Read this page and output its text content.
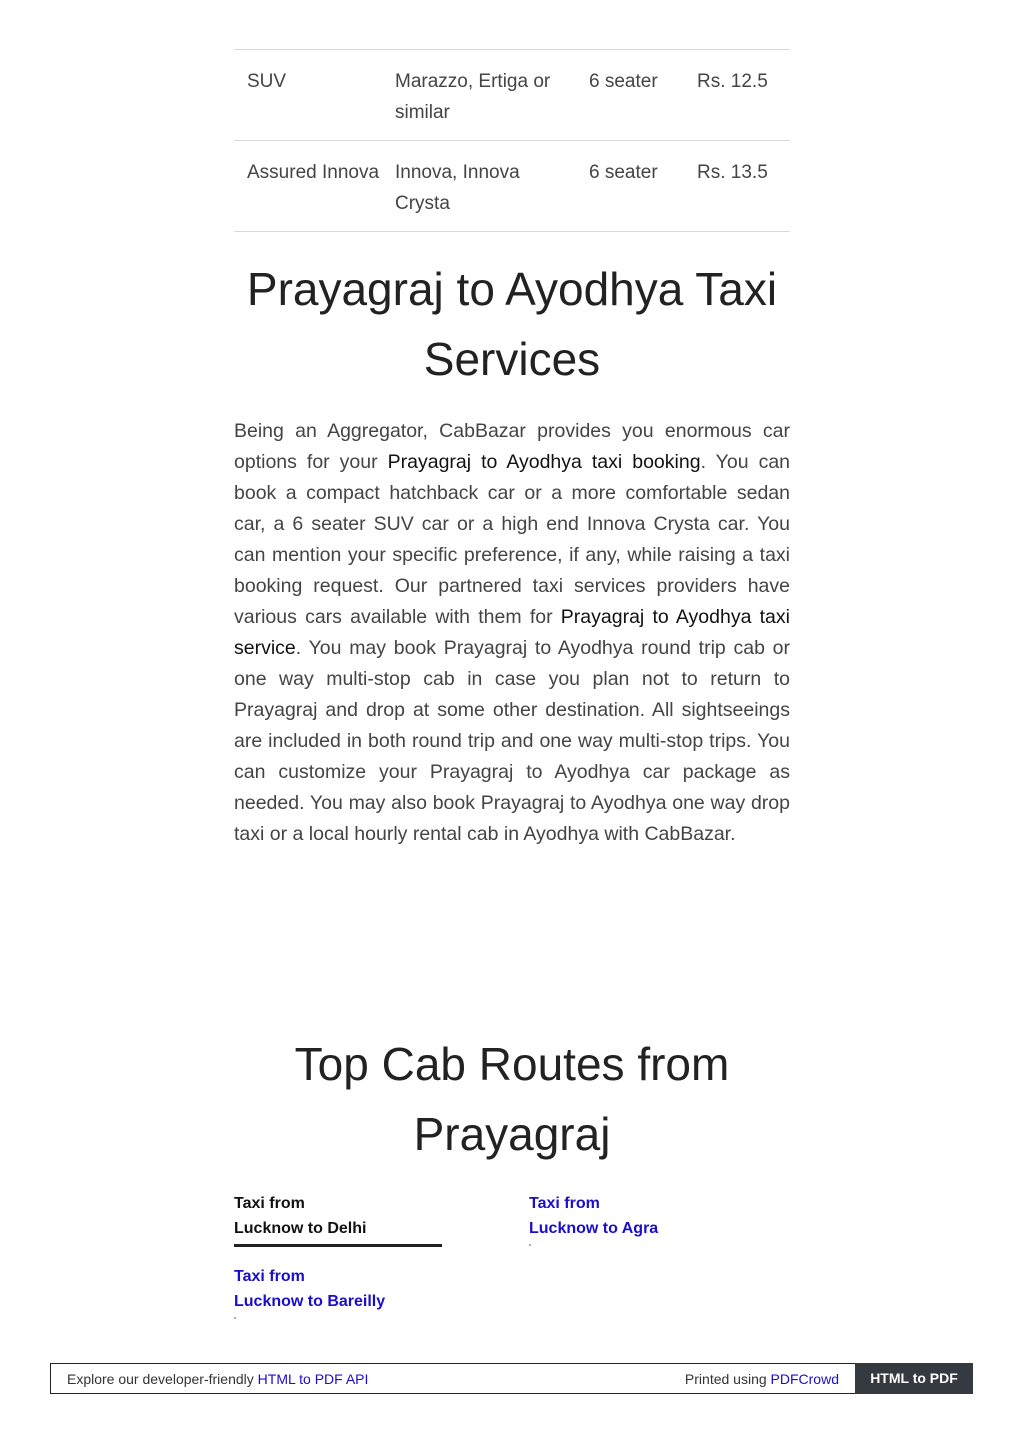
SUV	Marazzo, Ertiga or similar	6 seater	Rs. 12.5
Assured Innova	Innova, Innova Crysta	6 seater	Rs. 13.5
Prayagraj to Ayodhya Taxi Services

Being an Aggregator, CabBazar provides you enormous car options for your Prayagraj to Ayodhya taxi booking. You can book a compact hatchback car or a more comfortable sedan car, a 6 seater SUV car or a high end Innova Crysta car. You can mention your specific preference, if any, while raising a taxi booking request. Our partnered taxi services providers have various cars available with them for Prayagraj to Ayodhya taxi service. You may book Prayagraj to Ayodhya round trip cab or one way multi-stop cab in case you plan not to return to Prayagraj and drop at some other destination. All sightseeings are included in both round trip and one way multi-stop trips. You can customize your Prayagraj to Ayodhya car package as needed. You may also book Prayagraj to Ayodhya one way drop taxi or a local hourly rental cab in Ayodhya with CabBazar.

Top Cab Routes from Prayagraj
Taxi from
Lucknow to Delhi
Taxi from
Lucknow to Agra
Taxi from
Lucknow to Bareilly
Explore our developer-friendly HTML to PDF API	Printed using PDFCrowd	HTML to PDF
